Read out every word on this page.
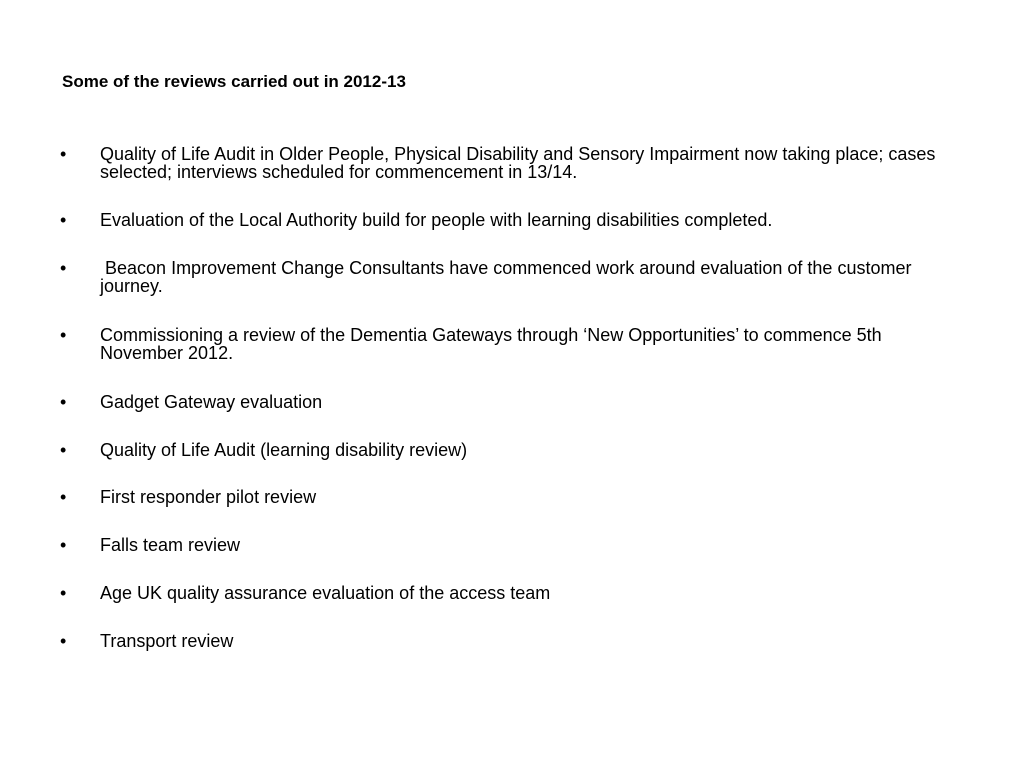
Some of the reviews carried out in 2012-13
•	Quality of Life Audit in Older People, Physical Disability and Sensory Impairment now taking place; cases selected; interviews scheduled for commencement in 13/14.
•	Evaluation of the Local Authority build for people with learning disabilities completed.
•	Beacon Improvement Change Consultants have commenced work around evaluation of the customer journey.
•	Commissioning a review of the Dementia Gateways through ‘New Opportunities’ to commence 5th November 2012.
•	Gadget Gateway evaluation
•	Quality of Life Audit (learning disability review)
•	First responder pilot review
•	Falls team review
•	Age UK quality assurance evaluation of the access team
•	Transport review
